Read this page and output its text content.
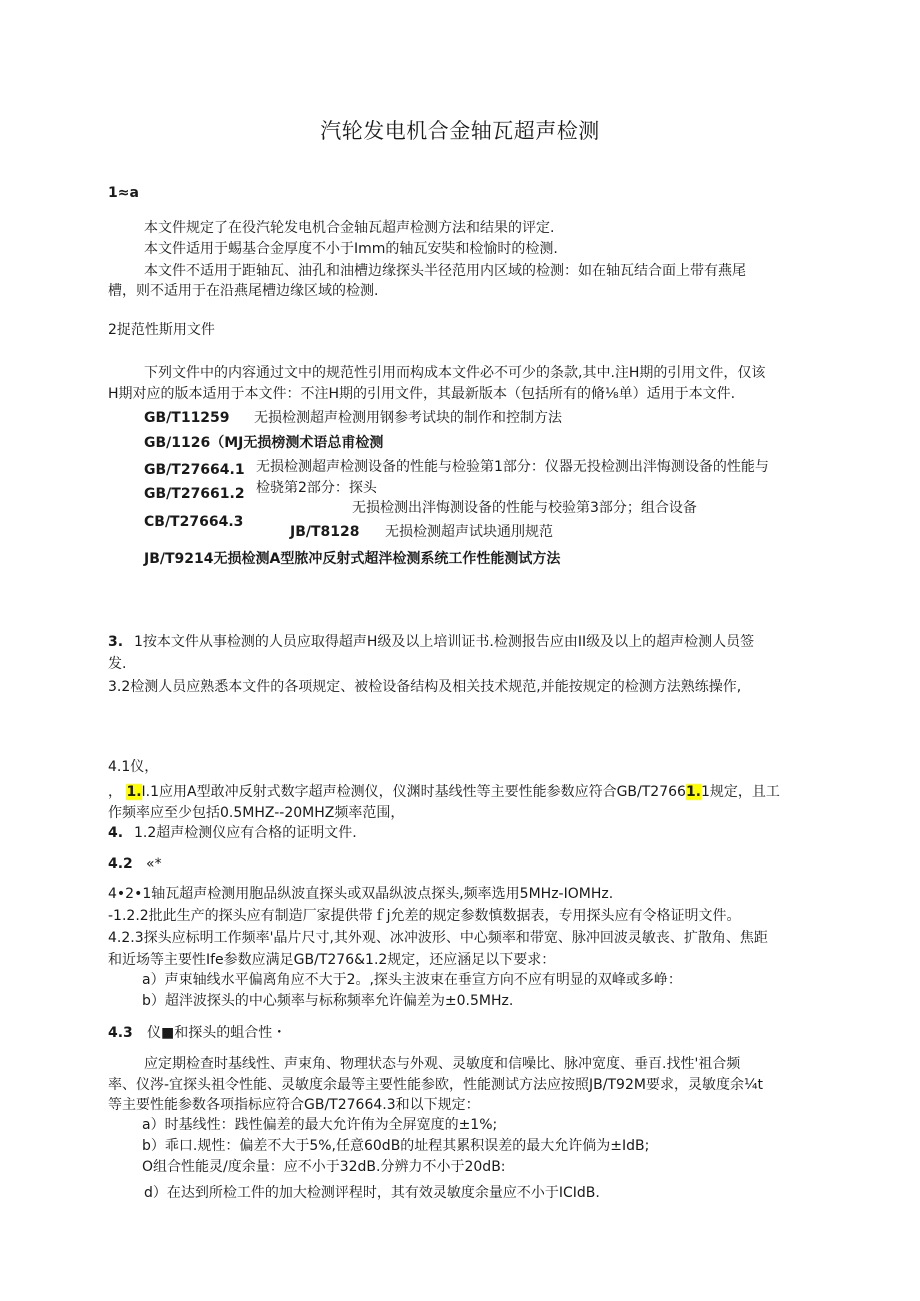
汽轮发电机合金轴瓦超声检测
1≈a
本文件规定了在役汽轮发电机合金轴瓦超声检测方法和结果的评定.
本文件适用于蜴基合金厚度不小于Imm的轴瓦安奘和检愉时的检测.
本文件不适用于距轴瓦、油孔和油槽边缘探头半径范用内区域的检测：如在轴瓦结合面上带有燕尾
槽，则不适用于在沿燕尾槽边缘区域的检测.
2捉范性斯用文件
下列文件中的内容通过文中的规范性引用而构成本文件必不可少的条款,其中.注H期的引用文件，仅该
H期对应的版本适用于本文件：不注H期的引用文件，其最新版本（包括所有的脩⅛单）适用于本文件.
GB/T11259 无损检测超声检测用钢参考试块的制作和控制方法
GB/1126（MJ无损榜测术语总甫检测
GB/T27664.1 无损检测超声检测设备的性能与检验第1部分：仪器无投检测出泮悔测设备的性能与
GB/T27661.2 检骁第2部分：探头
无损检测出泮悔测设备的性能与校验第3部分；组合设备
CB/T27664.3
JB/T8128 无损检测超声试块通刖规范
JB/T9214无损检测A型脓冲反射式超泮检测系统工作性能测试方法
3. 1按本文件从事检测的人员应取得超声H级及以上培训证书.检测报告应由II级及以上的超声检测人员签
发.
3.2检测人员应熟悉本文件的各项规定、被检设备结构及相关技术规范,并能按规定的检测方法熟练操作,
4.1仪，
， 1.I.1应用A型敢冲反射式数字超声检测仪，仪渊时基线性等主要性能参数应符合GB/T27661.1规定，且工
作频率应至少包括0.5MHZ--20MHZ频率范围，
4. 1.2超声检测仪应有合格的证明文件.
4.2 «*
4•2•1轴瓦超声检测用胞品纵波直探头或双晶纵波点探头,频率选用5MHz-IOMHz.
-1.2.2批此生产的探头应有制造厂家提供带ｆj允差的规定参数慎数据表，专用探头应有令格证明文件。
4.2.3探头应标明工作频率'晶片尺寸,其外观、冰冲波形、中心频率和带宽、脉冲回波灵敏丧、扩散角、焦距
和近场等主要性Ife参数应满足GB/T276&1.2规定，还应涵足以下要求：
a）声束轴线水平偏离角应不大于2。,探头主波束在垂宣方向不应有明显的双峰或多峥：
b）超泮波探头的中心频率与标称频率允许偏差为±0.5MHz.
4.3 仪■和探头的蛆合性・
应定期检查时基线性、声束角、物理状态与外观、灵敏度和信噪比、脉冲宽度、垂百.找性'祖合频
率、仪涔-宜探头祖令性能、灵敏度余最等主要性能参欧，性能测试方法应按照JB/T92M要求，灵敏度余¼t
等主要性能参数各项指标应符合GB/T27664.3和以下规定：
a）时基线性：践性偏差的最大允许侑为全屏宽度的±1%;
b）乖口.规性：偏差不大于5%,任意60dB的址程其累积误差的最大允许倘为±IdB;
O组合性能灵/度余量：应不小于32dB.分辨力不小于20dB:
d）在达到所检工件的加大检测评程时，其有效灵敏度余量应不小于ICIdB.
